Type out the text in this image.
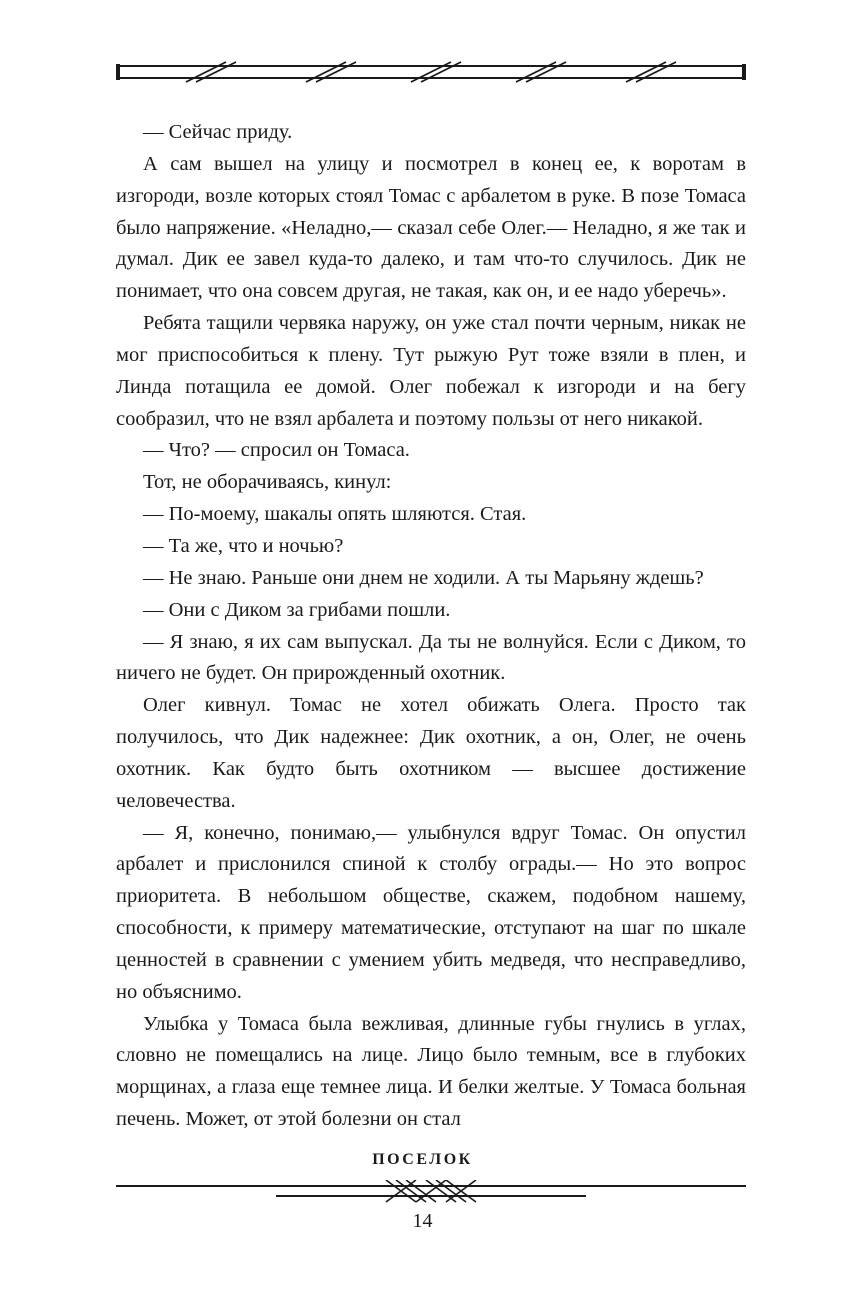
— Сейчас приду.

А сам вышел на улицу и посмотрел в конец ее, к воротам в изгороди, возле которых стоял Томас с арбалетом в руке. В позе Томаса было напряжение. «Неладно,— сказал себе Олег.— Неладно, я же так и думал. Дик ее завел куда-то далеко, и там что-то случилось. Дик не понимает, что она совсем другая, не такая, как он, и ее надо уберечь».

Ребята тащили червяка наружу, он уже стал почти черным, никак не мог приспособиться к плену. Тут рыжую Рут тоже взяли в плен, и Линда потащила ее домой. Олег побежал к изгороди и на бегу сообразил, что не взял арбалета и поэтому пользы от него никакой.

— Что? — спросил он Томаса.

Тот, не оборачиваясь, кинул:

— По-моему, шакалы опять шляются. Стая.

— Та же, что и ночью?

— Не знаю. Раньше они днем не ходили. А ты Марьяну ждешь?

— Они с Диком за грибами пошли.

— Я знаю, я их сам выпускал. Да ты не волнуйся. Если с Диком, то ничего не будет. Он прирожденный охотник.

Олег кивнул. Томас не хотел обижать Олега. Просто так получилось, что Дик надежнее: Дик охотник, а он, Олег, не очень охотник. Как будто быть охотником — высшее достижение человечества.

— Я, конечно, понимаю,— улыбнулся вдруг Томас. Он опустил арбалет и прислонился спиной к столбу ограды.— Но это вопрос приоритета. В небольшом обществе, скажем, подобном нашему, способности, к примеру математические, отступают на шаг по шкале ценностей в сравнении с умением убить медведя, что несправедливо, но объяснимо.

Улыбка у Томаса была вежливая, длинные губы гнулись в углах, словно не помещались на лице. Лицо было темным, все в глубоких морщинах, а глаза еще темнее лица. И белки желтые. У Томаса больная печень. Может, от этой болезни он стал

ПОСЕЛОК
14
